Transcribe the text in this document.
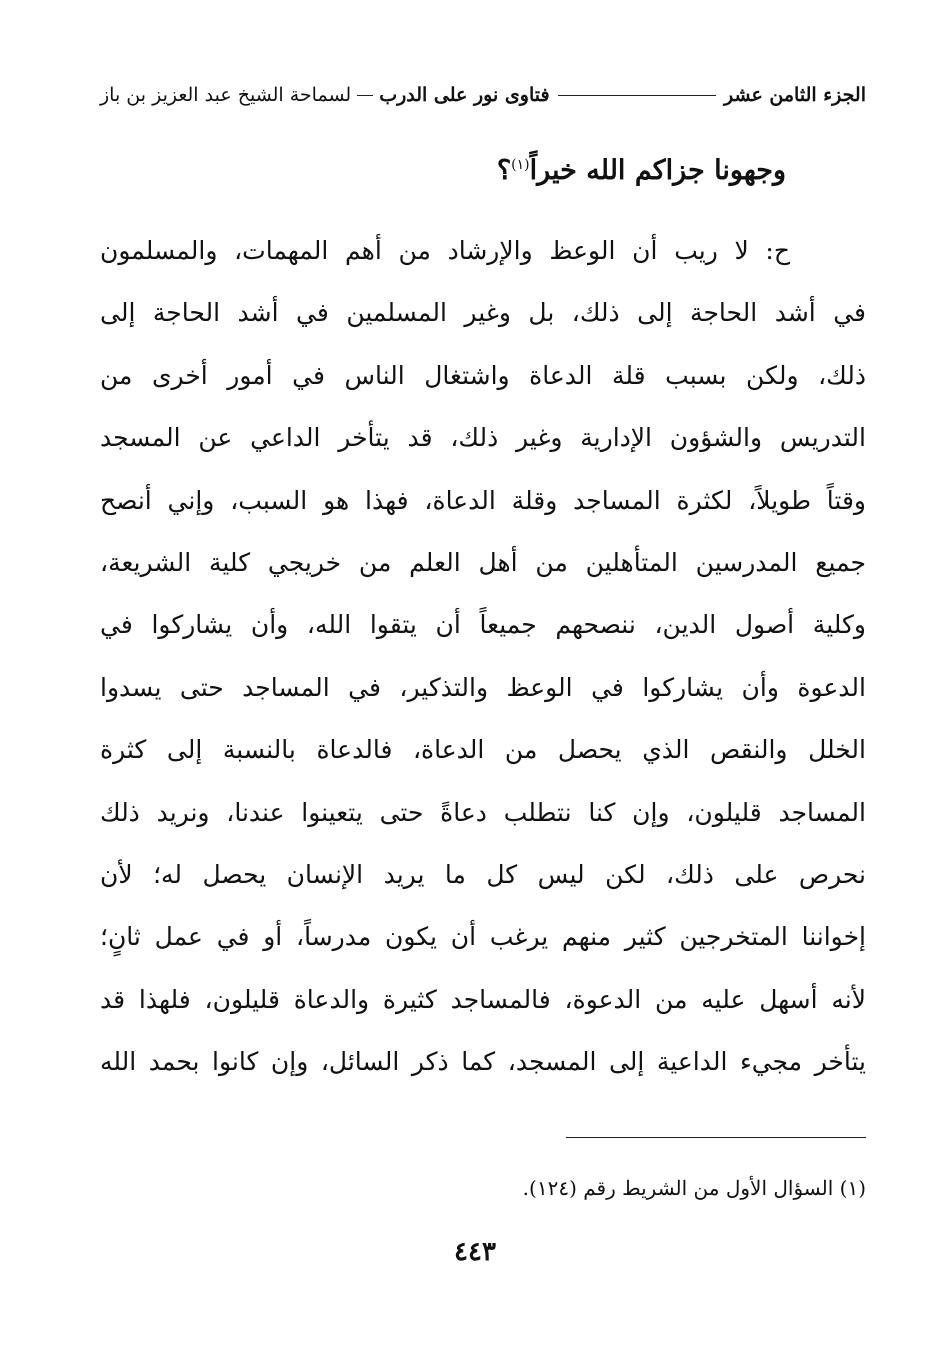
فتاوى نور على الدرب
لسماحة الشيخ عبد العزيز بن باز	الجزء الثامن عشر
وجهونا جزاكم الله خيراً$^{(١)}$؟
ح: لا ريب أن الوعظ والإرشاد من أهم المهمات، والمسلمون
في أشد الحاجة إلى ذلك، بل وغير المسلمين في أشد الحاجة إلى
ذلك، ولكن بسبب قلة الدعاة واشتغال الناس في أمور أخرى من
التدريس والشؤون الإدارية وغير ذلك، قد يتأخر الداعي عن المسجد
وقتاً طويلاً، لكثرة المساجد وقلة الدعاة، فهذا هو السبب، وإني أنصح
جميع المدرسين المتأهلين من أهل العلم من خريجي كلية الشريعة،
وكلية أصول الدين، ننصحهم جميعاً أن يتقوا الله، وأن يشاركوا في
الدعوة وأن يشاركوا في الوعظ والتذكير، في المساجد حتى يسدوا
الخلل والنقص الذي يحصل من الدعاة، فالدعاة بالنسبة إلى كثرة
المساجد قليلون، وإن كنا نتطلب دعاةً حتى يتعينوا عندنا، ونريد ذلك
نحرص على ذلك، لكن ليس كل ما يريد الإنسان يحصل له؛ لأن
إخواننا المتخرجين كثير منهم يرغب أن يكون مدرساً، أو في عمل ثانٍ؛
لأنه أسهل عليه من الدعوة، فالمساجد كثيرة والدعاة قليلون، فلهذا قد
يتأخر مجيء الداعية إلى المسجد، كما ذكر السائل، وإن كانوا بحمد الله
(١) السؤال الأول من الشريط رقم (١٢٤).
٤٤٣
